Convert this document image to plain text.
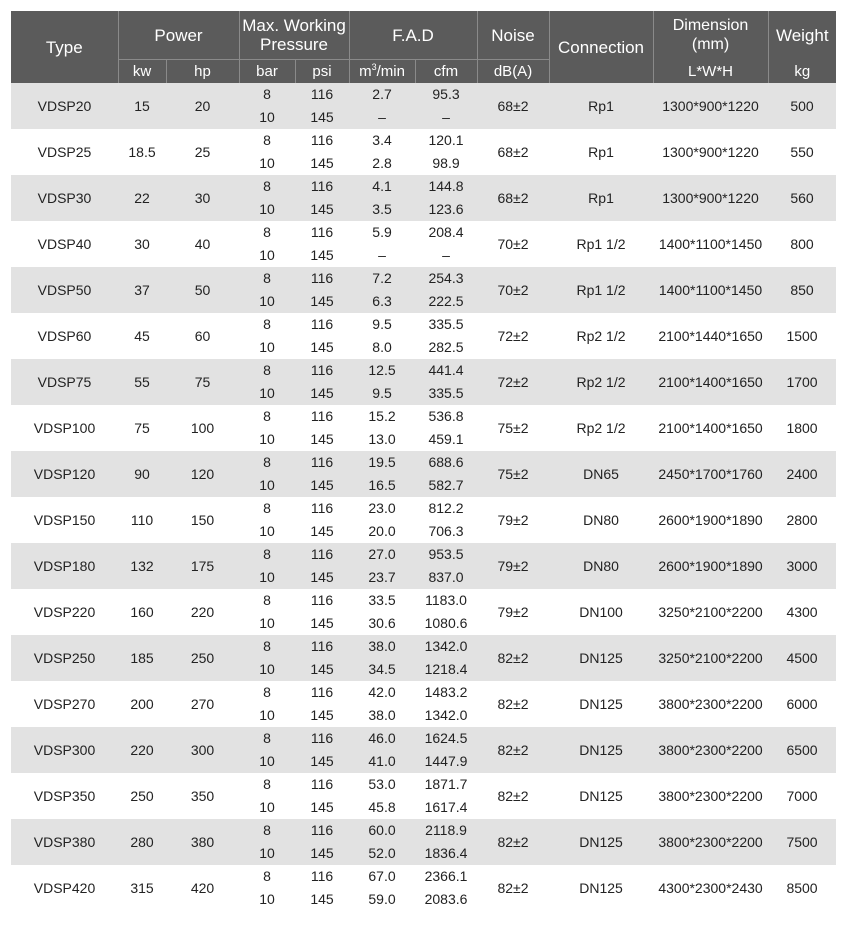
Type	Power		Max. Working Pressure		F.A.D		Noise	Connection	Dimension (mm)	Weight
	kw	hp	bar	psi	$m^3/\min$	cfm	dB(A)		L*W*H	kg
VDSP20	15	20	8	116	2.7	95.3	68±2	Rp1	1300*900*1220	500
			10	145	–	–				
VDSP25	18.5	25	8	116	3.4	120.1	68±2	Rp1	1300*900*1220	550
			10	145	2.8	98.9				
VDSP30	22	30	8	116	4.1	144.8	68±2	Rp1	1300*900*1220	560
			10	145	3.5	123.6				
VDSP40	30	40	8	116	5.9	208.4	70±2	Rp1 1/2	1400*1100*1450	800
			10	145	–	–				
VDSP50	37	50	8	116	7.2	254.3	70±2	Rp1 1/2	1400*1100*1450	850
			10	145	6.3	222.5				
VDSP60	45	60	8	116	9.5	335.5	72±2	Rp2 1/2	2100*1440*1650	1500
			10	145	8.0	282.5				
VDSP75	55	75	8	116	12.5	441.4	72±2	Rp2 1/2	2100*1400*1650	1700
			10	145	9.5	335.5				
VDSP100	75	100	8	116	15.2	536.8	75±2	Rp2 1/2	2100*1400*1650	1800
			10	145	13.0	459.1				
VDSP120	90	120	8	116	19.5	688.6	75±2	DN65	2450*1700*1760	2400
			10	145	16.5	582.7				
VDSP150	110	150	8	116	23.0	812.2	79±2	DN80	2600*1900*1890	2800
			10	145	20.0	706.3				
VDSP180	132	175	8	116	27.0	953.5	79±2	DN80	2600*1900*1890	3000
			10	145	23.7	837.0				
VDSP220	160	220	8	116	33.5	1183.0	79±2	DN100	3250*2100*2200	4300
			10	145	30.6	1080.6				
VDSP250	185	250	8	116	38.0	1342.0	82±2	DN125	3250*2100*2200	4500
			10	145	34.5	1218.4				
VDSP270	200	270	8	116	42.0	1483.2	82±2	DN125	3800*2300*2200	6000
			10	145	38.0	1342.0				
VDSP300	220	300	8	116	46.0	1624.5	82±2	DN125	3800*2300*2200	6500
			10	145	41.0	1447.9				
VDSP350	250	350	8	116	53.0	1871.7	82±2	DN125	3800*2300*2200	7000
			10	145	45.8	1617.4				
VDSP380	280	380	8	116	60.0	2118.9	82±2	DN125	3800*2300*2200	7500
			10	145	52.0	1836.4				
VDSP420	315	420	8	116	67.0	2366.1	82±2	DN125	4300*2300*2430	8500
			10	145	59.0	2083.6				
